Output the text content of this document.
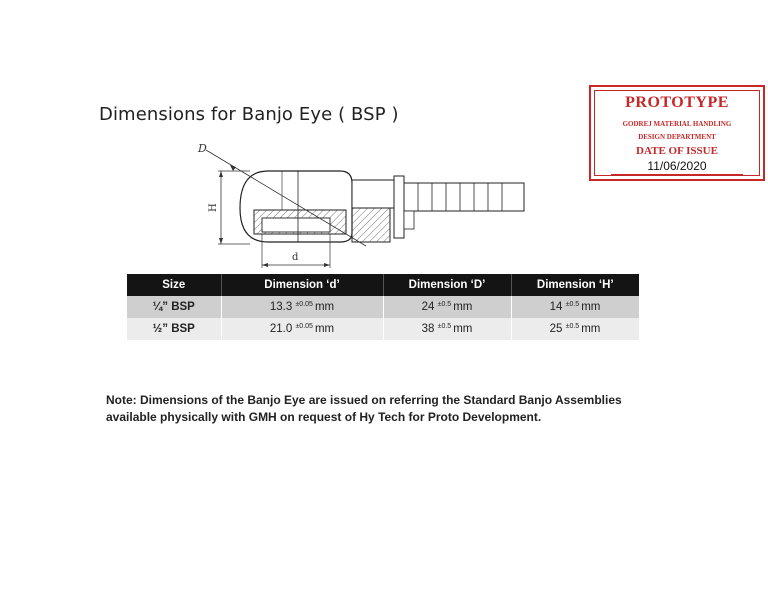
Dimensions for Banjo Eye ( BSP )
PROTOTYPE
GODREJ MATERIAL HANDLING
DESIGN DEPARTMENT
DATE OF ISSUE
11/06/2020
H
D
d
Size	Dimension ‘d’	Dimension ‘D’	Dimension ‘H’
¼” BSP	13.3 $^{\pm 0.05}$ mm	24 $^{\pm 0.5}$ mm	14 $^{\pm 0.5}$ mm
½” BSP	21.0 $^{\pm 0.05}$ mm	38 $^{\pm 0.5}$ mm	25 $^{\pm 0.5}$ mm
Note: Dimensions of the Banjo Eye are issued on referring the Standard Banjo Assemblies
available physically with GMH on request of Hy Tech for Proto Development.
